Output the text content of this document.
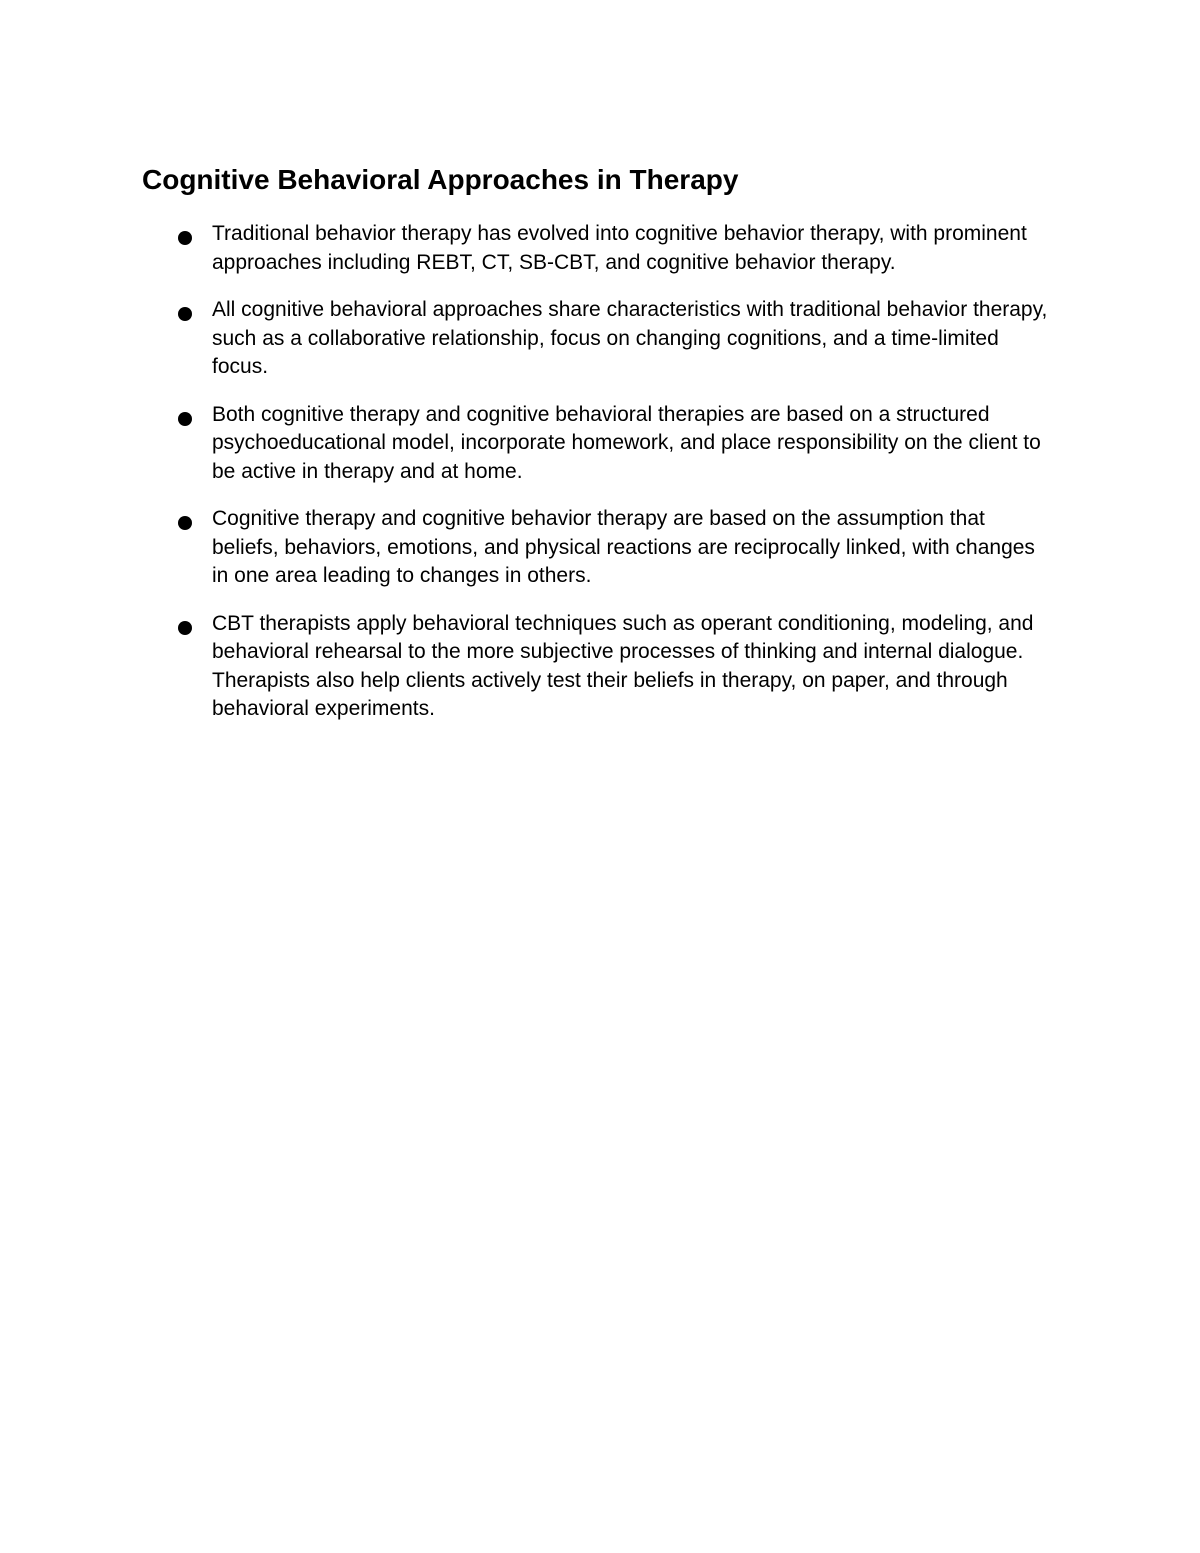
Cognitive Behavioral Approaches in Therapy
Traditional behavior therapy has evolved into cognitive behavior therapy, with prominent approaches including REBT, CT, SB-CBT, and cognitive behavior therapy.
All cognitive behavioral approaches share characteristics with traditional behavior therapy, such as a collaborative relationship, focus on changing cognitions, and a time-limited focus.
Both cognitive therapy and cognitive behavioral therapies are based on a structured psychoeducational model, incorporate homework, and place responsibility on the client to be active in therapy and at home.
Cognitive therapy and cognitive behavior therapy are based on the assumption that beliefs, behaviors, emotions, and physical reactions are reciprocally linked, with changes in one area leading to changes in others.
CBT therapists apply behavioral techniques such as operant conditioning, modeling, and behavioral rehearsal to the more subjective processes of thinking and internal dialogue. Therapists also help clients actively test their beliefs in therapy, on paper, and through behavioral experiments.
